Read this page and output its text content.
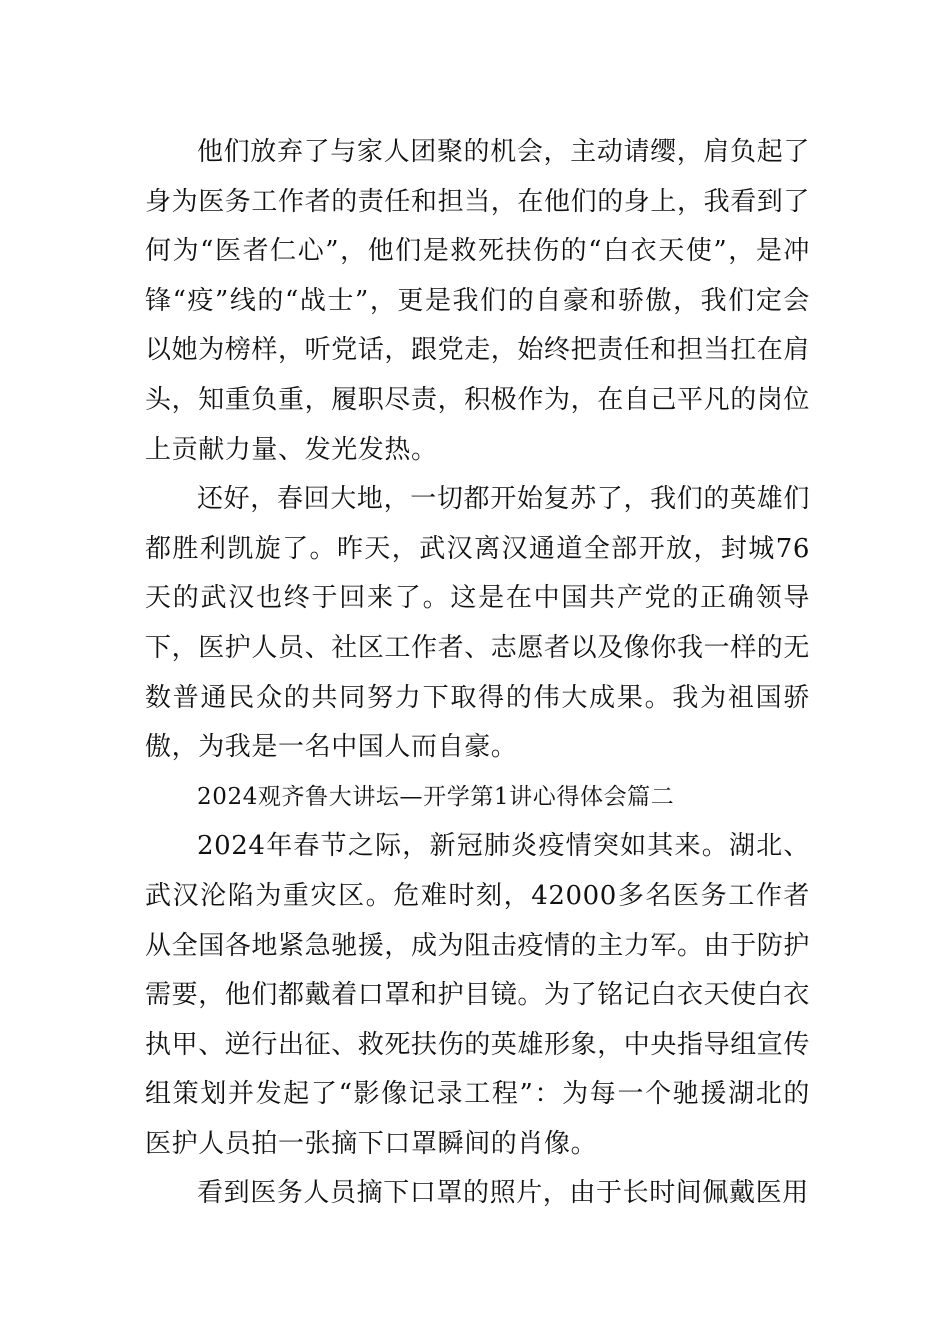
他们放弃了与家人团聚的机会，主动请缨，肩负起了身为医务工作者的责任和担当，在他们的身上，我看到了何为“医者仁心”，他们是救死扶伤的“白衣天使”，是冲锋“疫”线的“战士”，更是我们的自豪和骄傲，我们定会以她为榜样，听党话，跟党走，始终把责任和担当扛在肩头，知重负重，履职尽责，积极作为，在自己平凡的岗位上贡献力量、发光发热。

还好，春回大地，一切都开始复苏了，我们的英雄们都胜利凯旋了。昨天，武汉离汉通道全部开放，封城76天的武汉也终于回来了。这是在中国共产党的正确领导下，医护人员、社区工作者、志愿者以及像你我一样的无数普通民众的共同努力下取得的伟大成果。我为祖国骄傲，为我是一名中国人而自豪。

2024观齐鲁大讲坛—开学第1讲心得体会篇二

2024年春节之际，新冠肺炎疫情突如其来。湖北、武汉沦陷为重灾区。危难时刻，42000多名医务工作者从全国各地紧急驰援，成为阻击疫情的主力军。由于防护需要，他们都戴着口罩和护目镜。为了铭记白衣天使白衣执甲、逆行出征、救死扶伤的英雄形象，中央指导组宣传组策划并发起了“影像记录工程”：为每一个驰援湖北的医护人员拍一张摘下口罩瞬间的肖像。

看到医务人员摘下口罩的照片，由于长时间佩戴医用
